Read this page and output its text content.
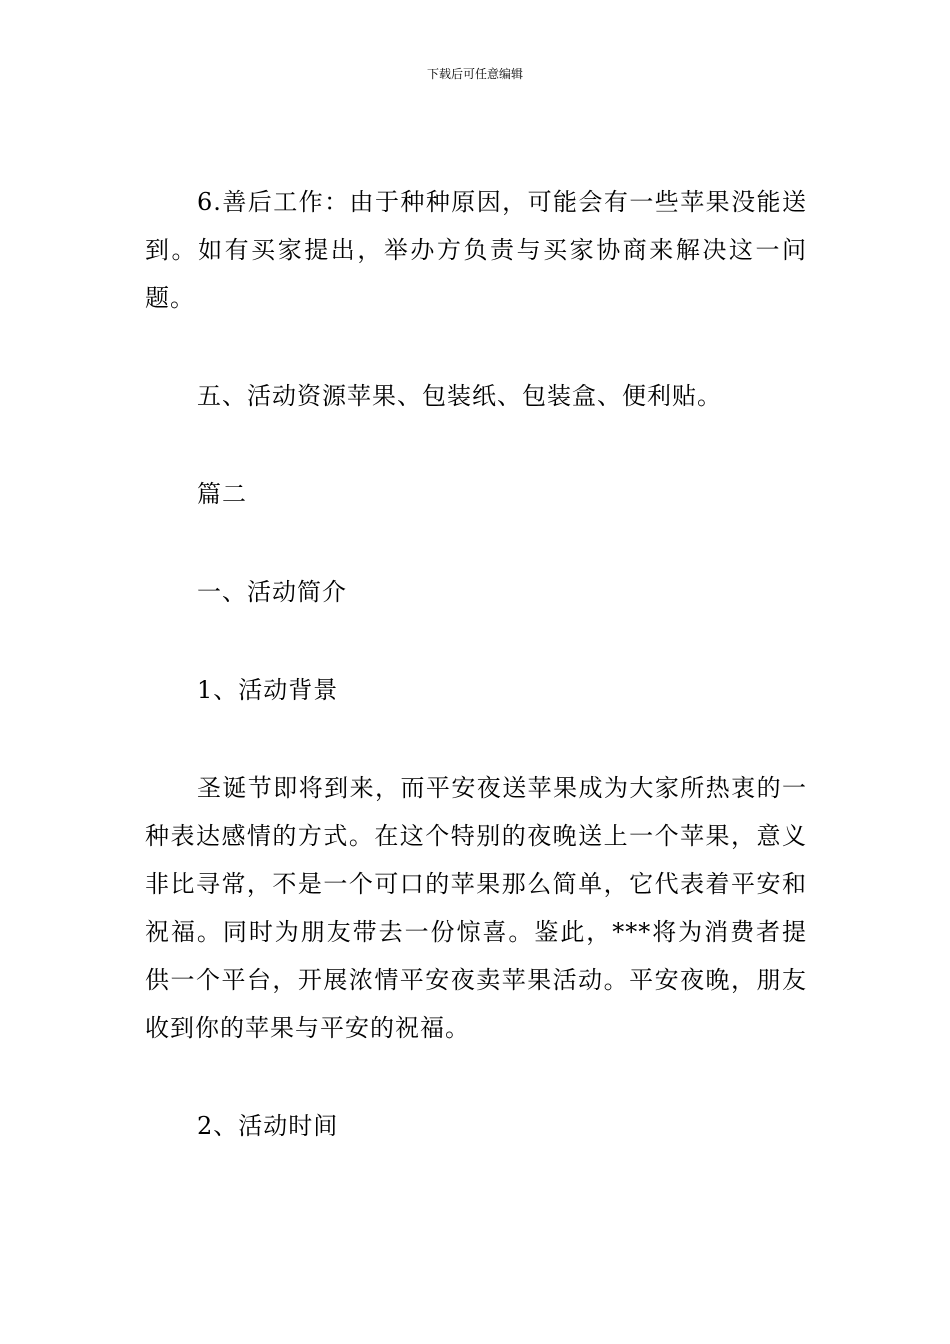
下载后可任意编辑

6.善后工作：由于种种原因，可能会有一些苹果没能送到。如有买家提出，举办方负责与买家协商来解决这一问题。

五、活动资源苹果、包装纸、包装盒、便利贴。

篇二

一、活动简介

1、活动背景

圣诞节即将到来，而平安夜送苹果成为大家所热衷的一种表达感情的方式。在这个特别的夜晚送上一个苹果，意义非比寻常，不是一个可口的苹果那么简单，它代表着平安和祝福。同时为朋友带去一份惊喜。鉴此，***将为消费者提供一个平台，开展浓情平安夜卖苹果活动。平安夜晚，朋友收到你的苹果与平安的祝福。

2、活动时间
